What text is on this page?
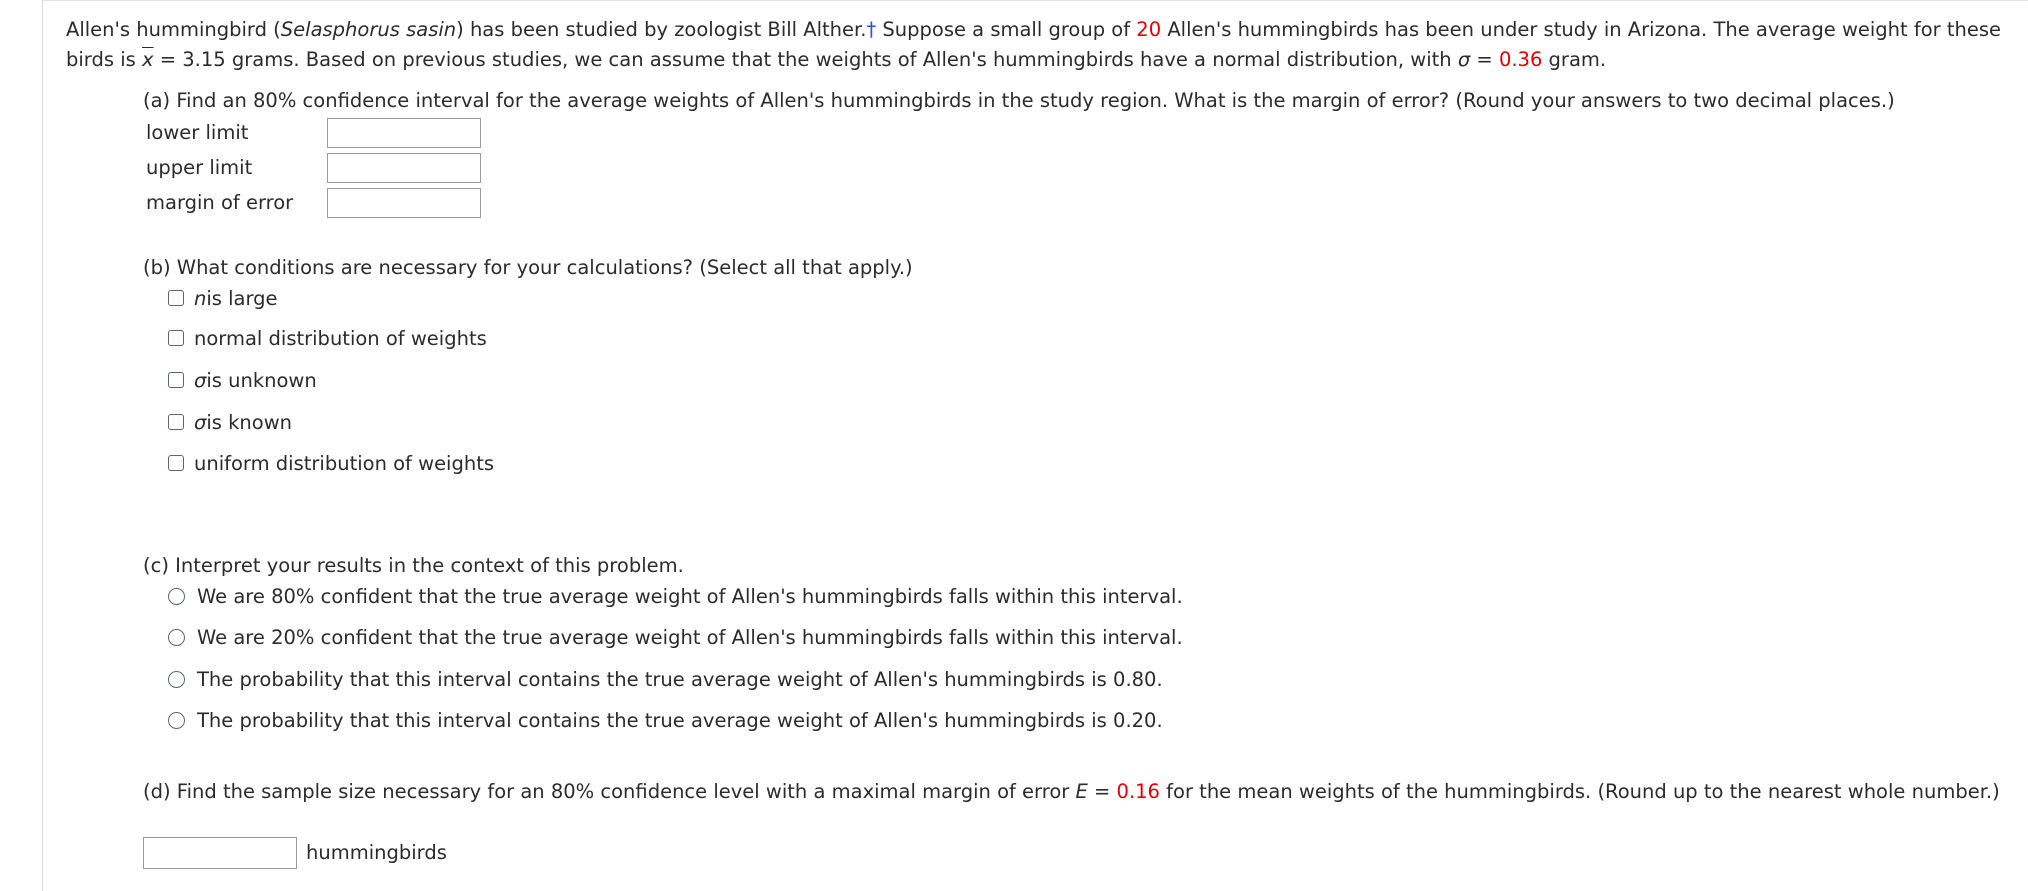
Allen's hummingbird (Selasphorus sasin) has been studied by zoologist Bill Alther.† Suppose a small group of 20 Allen's hummingbirds has been under study in Arizona. The average weight for these birds is $\overline{x} = 3.15$ grams. Based on previous studies, we can assume that the weights of Allen's hummingbirds have a normal distribution, with σ = 0.36 gram.
(a) Find an 80% confidence interval for the average weights of Allen's hummingbirds in the study region. What is the margin of error? (Round your answers to two decimal places.)
lower limit
upper limit
margin of error
(b) What conditions are necessary for your calculations? (Select all that apply.)
n is large
normal distribution of weights
σ is unknown
σ is known
uniform distribution of weights
(c) Interpret your results in the context of this problem.
We are 80% confident that the true average weight of Allen's hummingbirds falls within this interval.
We are 20% confident that the true average weight of Allen's hummingbirds falls within this interval.
The probability that this interval contains the true average weight of Allen's hummingbirds is 0.80.
The probability that this interval contains the true average weight of Allen's hummingbirds is 0.20.
(d) Find the sample size necessary for an 80% confidence level with a maximal margin of error E = 0.16 for the mean weights of the hummingbirds. (Round up to the nearest whole number.)
hummingbirds
